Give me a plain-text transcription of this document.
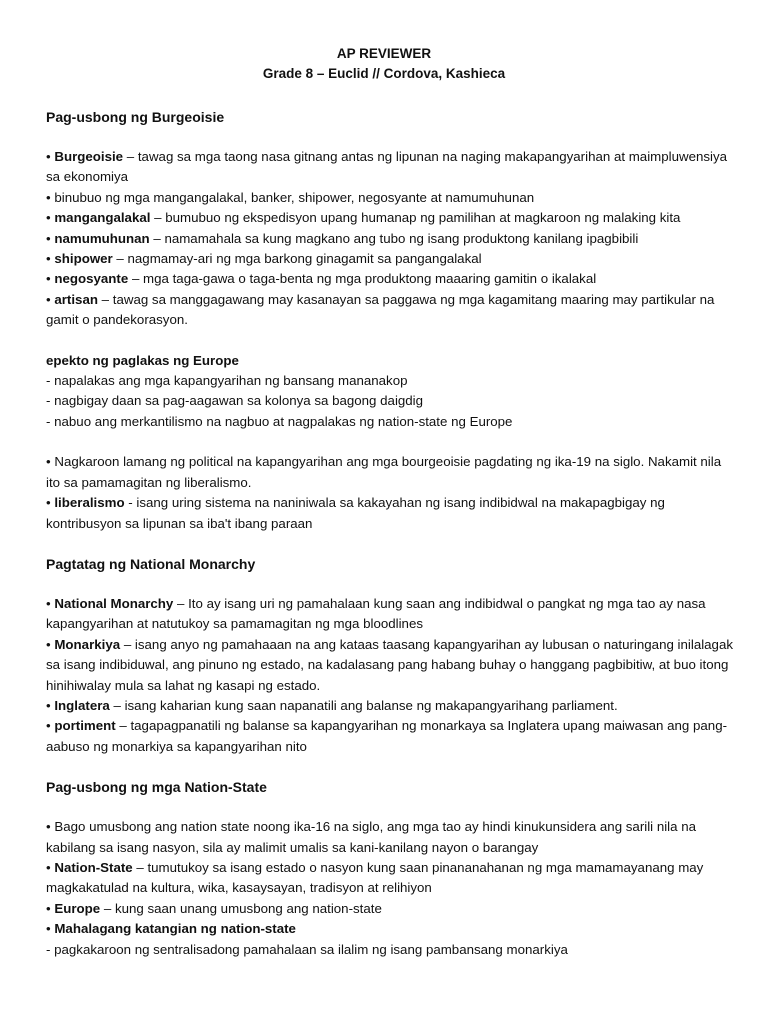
AP REVIEWER
Grade 8 – Euclid // Cordova, Kashieca
Pag-usbong ng Burgeoisie
• Burgeoisie – tawag sa mga taong nasa gitnang antas ng lipunan na naging makapangyarihan at maimpluwensiya sa ekonomiya
• binubuo ng mga mangangalakal, banker, shipower, negosyante at namumuhunan
• mangangalakal – bumubuo ng ekspedisyon upang humanap ng pamilihan at magkaroon ng malaking kita
• namumuhunan – namamahala sa kung magkano ang tubo ng isang produktong kanilang ipagbibili
• shipower – nagmamay-ari ng mga barkong ginagamit sa pangangalakal
• negosyante – mga taga-gawa o taga-benta ng mga produktong maaaring gamitin o ikalakal
• artisan – tawag sa manggagawang may kasanayan sa paggawa ng mga kagamitang maaring may partikular na gamit o pandekorasyon.
epekto ng paglakas ng Europe
- napalakas ang mga kapangyarihan ng bansang mananakop
- nagbigay daan sa pag-aagawan sa kolonya sa bagong daigdig
- nabuo ang merkantilismo na nagbuo at nagpalakas ng nation-state ng Europe
• Nagkaroon lamang ng political na kapangyarihan ang mga bourgeoisie pagdating ng ika-19 na siglo. Nakamit nila ito sa pamamagitan ng liberalismo.
• liberalismo - isang uring sistema na naniniwala sa kakayahan ng isang indibidwal na makapagbigay ng kontribusyon sa lipunan sa iba't ibang paraan
Pagtatag ng National Monarchy
• National Monarchy – Ito ay isang uri ng pamahalaan kung saan ang indibidwal o pangkat ng mga tao ay nasa kapangyarihan at natutukoy sa pamamagitan ng mga bloodlines
• Monarkiya – isang anyo ng pamahaaan na ang kataas taasang kapangyarihan ay lubusan o naturingang inilalagak sa isang indibiduwal, ang pinuno ng estado, na kadalasang pang habang buhay o hanggang pagbibitiw, at buo itong hinihiwalay mula sa lahat ng kasapi ng estado.
• Inglatera – isang kaharian kung saan napanatili ang balanse ng makapangyarihang parliament.
• portiment – tagapagpanatili ng balanse sa kapangyarihan ng monarkaya sa Inglatera upang maiwasan ang pang-aabuso ng monarkiya sa kapangyarihan nito
Pag-usbong ng mga Nation-State
• Bago umusbong ang nation state noong ika-16 na siglo, ang mga tao ay hindi kinukunsidera ang sarili nila na kabilang sa isang nasyon, sila ay malimit umalis sa kani-kanilang nayon o barangay
• Nation-State – tumutukoy sa isang estado o nasyon kung saan pinananahanan ng mga mamamayanang may magkakatulad na kultura, wika, kasaysayan, tradisyon at relihiyon
• Europe – kung saan unang umusbong ang nation-state
• Mahalagang katangian ng nation-state
- pagkakaroon ng sentralisadong pamahalaan sa ilalim ng isang pambansang monarkiya
